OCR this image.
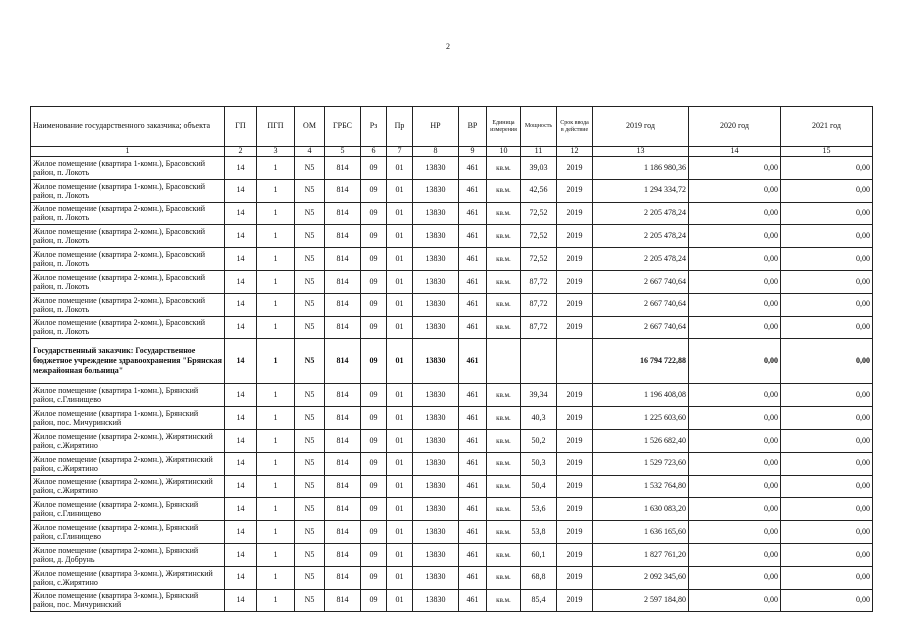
2
Наименование государственного заказчика; объекта	ГП	ПГП	ОМ	ГРБС	Рз	Пр	НР	ВР	Единица измерения	Мощность	Срок ввода в действие	2019 год	2020 год	2021 год
1	2	3	4	5	6	7	8	9	10	11	12	13	14	15
Жилое помещение (квартира 1-комн.), Брасовский район, п. Локоть	14	1	N5	814	09	01	13830	461	кв.м.	39,03	2019	1 186 980,36	0,00	0,00
Жилое помещение (квартира 1-комн.), Брасовский район, п. Локоть	14	1	N5	814	09	01	13830	461	кв.м.	42,56	2019	1 294 334,72	0,00	0,00
Жилое помещение (квартира 2-комн.), Брасовский район, п. Локоть	14	1	N5	814	09	01	13830	461	кв.м.	72,52	2019	2 205 478,24	0,00	0,00
Жилое помещение (квартира 2-комн.), Брасовский район, п. Локоть	14	1	N5	814	09	01	13830	461	кв.м.	72,52	2019	2 205 478,24	0,00	0,00
Жилое помещение (квартира 2-комн.), Брасовский район, п. Локоть	14	1	N5	814	09	01	13830	461	кв.м.	72,52	2019	2 205 478,24	0,00	0,00
Жилое помещение (квартира 2-комн.), Брасовский район, п. Локоть	14	1	N5	814	09	01	13830	461	кв.м.	87,72	2019	2 667 740,64	0,00	0,00
Жилое помещение (квартира 2-комн.), Брасовский район, п. Локоть	14	1	N5	814	09	01	13830	461	кв.м.	87,72	2019	2 667 740,64	0,00	0,00
Жилое помещение (квартира 2-комн.), Брасовский район, п. Локоть	14	1	N5	814	09	01	13830	461	кв.м.	87,72	2019	2 667 740,64	0,00	0,00
Государственный заказчик: Государственное бюджетное учреждение здравоохранения "Брянская межрайонная больница"	14	1	N5	814	09	01	13830	461				16 794 722,88	0,00	0,00
Жилое помещение (квартира 1-комн.), Брянский район, с.Глинищево	14	1	N5	814	09	01	13830	461	кв.м.	39,34	2019	1 196 408,08	0,00	0,00
Жилое помещение (квартира 1-комн.), Брянский район, пос. Мичуринский	14	1	N5	814	09	01	13830	461	кв.м.	40,3	2019	1 225 603,60	0,00	0,00
Жилое помещение (квартира 2-комн.), Жирятинский район, с.Жирятино	14	1	N5	814	09	01	13830	461	кв.м.	50,2	2019	1 526 682,40	0,00	0,00
Жилое помещение (квартира 2-комн.), Жирятинский район, с.Жирятино	14	1	N5	814	09	01	13830	461	кв.м.	50,3	2019	1 529 723,60	0,00	0,00
Жилое помещение (квартира 2-комн.), Жирятинский район, с.Жирятино	14	1	N5	814	09	01	13830	461	кв.м.	50,4	2019	1 532 764,80	0,00	0,00
Жилое помещение (квартира 2-комн.), Брянский район, с.Глинищево	14	1	N5	814	09	01	13830	461	кв.м.	53,6	2019	1 630 083,20	0,00	0,00
Жилое помещение (квартира 2-комн.), Брянский район, с.Глинищево	14	1	N5	814	09	01	13830	461	кв.м.	53,8	2019	1 636 165,60	0,00	0,00
Жилое помещение (квартира 2-комн.), Брянский район, д. Добрунь	14	1	N5	814	09	01	13830	461	кв.м.	60,1	2019	1 827 761,20	0,00	0,00
Жилое помещение (квартира 3-комн.), Жирятинский район, с.Жирятино	14	1	N5	814	09	01	13830	461	кв.м.	68,8	2019	2 092 345,60	0,00	0,00
Жилое помещение (квартира 3-комн.), Брянский район, пос. Мичуринский	14	1	N5	814	09	01	13830	461	кв.м.	85,4	2019	2 597 184,80	0,00	0,00
